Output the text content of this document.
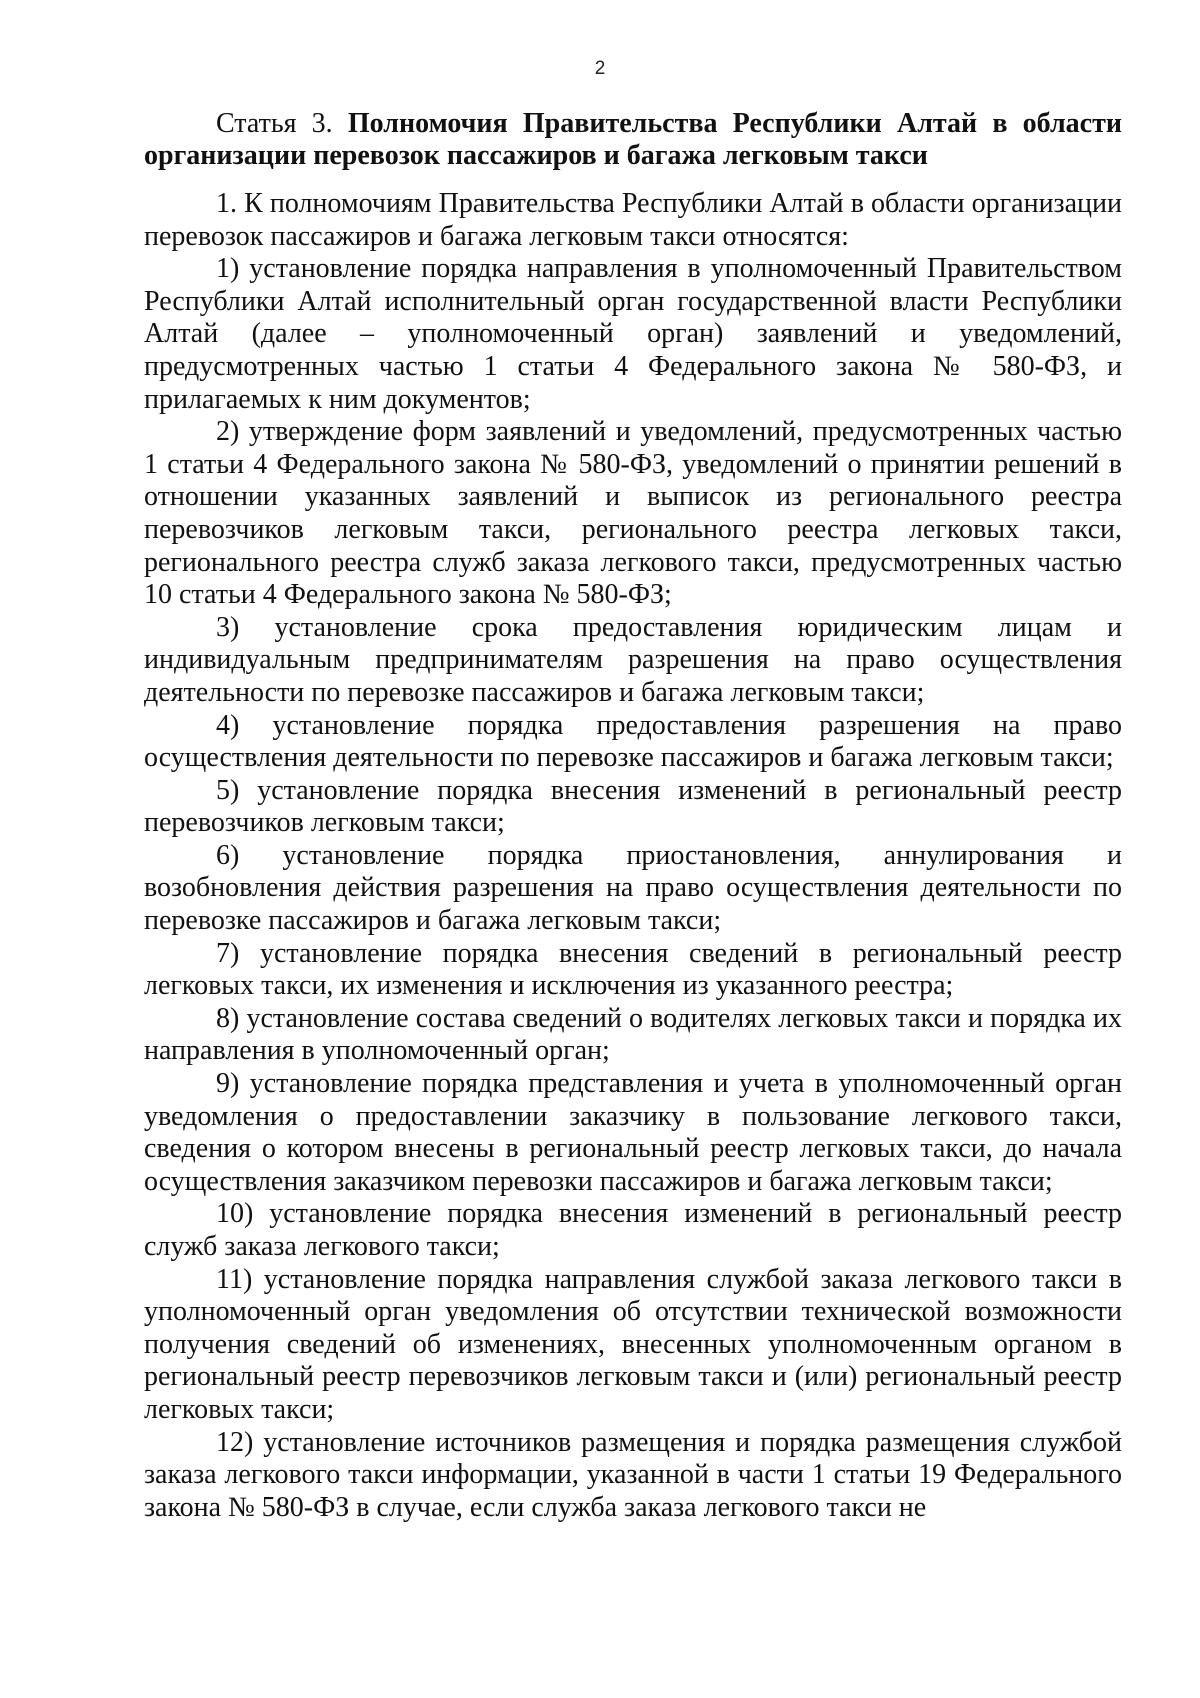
2
Статья 3. Полномочия Правительства Республики Алтай в области организации перевозок пассажиров и багажа легковым такси

1. К полномочиям Правительства Республики Алтай в области организации перевозок пассажиров и багажа легковым такси относятся:

1) установление порядка направления в уполномоченный Правительством Республики Алтай исполнительный орган государственной власти Республики Алтай (далее – уполномоченный орган) заявлений и уведомлений, предусмотренных частью 1 статьи 4 Федерального закона № 580-ФЗ, и прилагаемых к ним документов;

2) утверждение форм заявлений и уведомлений, предусмотренных частью 1 статьи 4 Федерального закона № 580-ФЗ, уведомлений о принятии решений в отношении указанных заявлений и выписок из регионального реестра перевозчиков легковым такси, регионального реестра легковых такси, регионального реестра служб заказа легкового такси, предусмотренных частью 10 статьи 4 Федерального закона № 580-ФЗ;

3) установление срока предоставления юридическим лицам и индивидуальным предпринимателям разрешения на право осуществления деятельности по перевозке пассажиров и багажа легковым такси;

4) установление порядка предоставления разрешения на право осуществления деятельности по перевозке пассажиров и багажа легковым такси;

5) установление порядка внесения изменений в региональный реестр перевозчиков легковым такси;

6) установление порядка приостановления, аннулирования и возобновления действия разрешения на право осуществления деятельности по перевозке пассажиров и багажа легковым такси;

7) установление порядка внесения сведений в региональный реестр легковых такси, их изменения и исключения из указанного реестра;

8) установление состава сведений о водителях легковых такси и порядка их направления в уполномоченный орган;

9) установление порядка представления и учета в уполномоченный орган уведомления о предоставлении заказчику в пользование легкового такси, сведения о котором внесены в региональный реестр легковых такси, до начала осуществления заказчиком перевозки пассажиров и багажа легковым такси;

10) установление порядка внесения изменений в региональный реестр служб заказа легкового такси;

11) установление порядка направления службой заказа легкового такси в уполномоченный орган уведомления об отсутствии технической возможности получения сведений об изменениях, внесенных уполномоченным органом в региональный реестр перевозчиков легковым такси и (или) региональный реестр легковых такси;

12) установление источников размещения и порядка размещения службой заказа легкового такси информации, указанной в части 1 статьи 19 Федерального закона № 580-ФЗ в случае, если служба заказа легкового такси не
